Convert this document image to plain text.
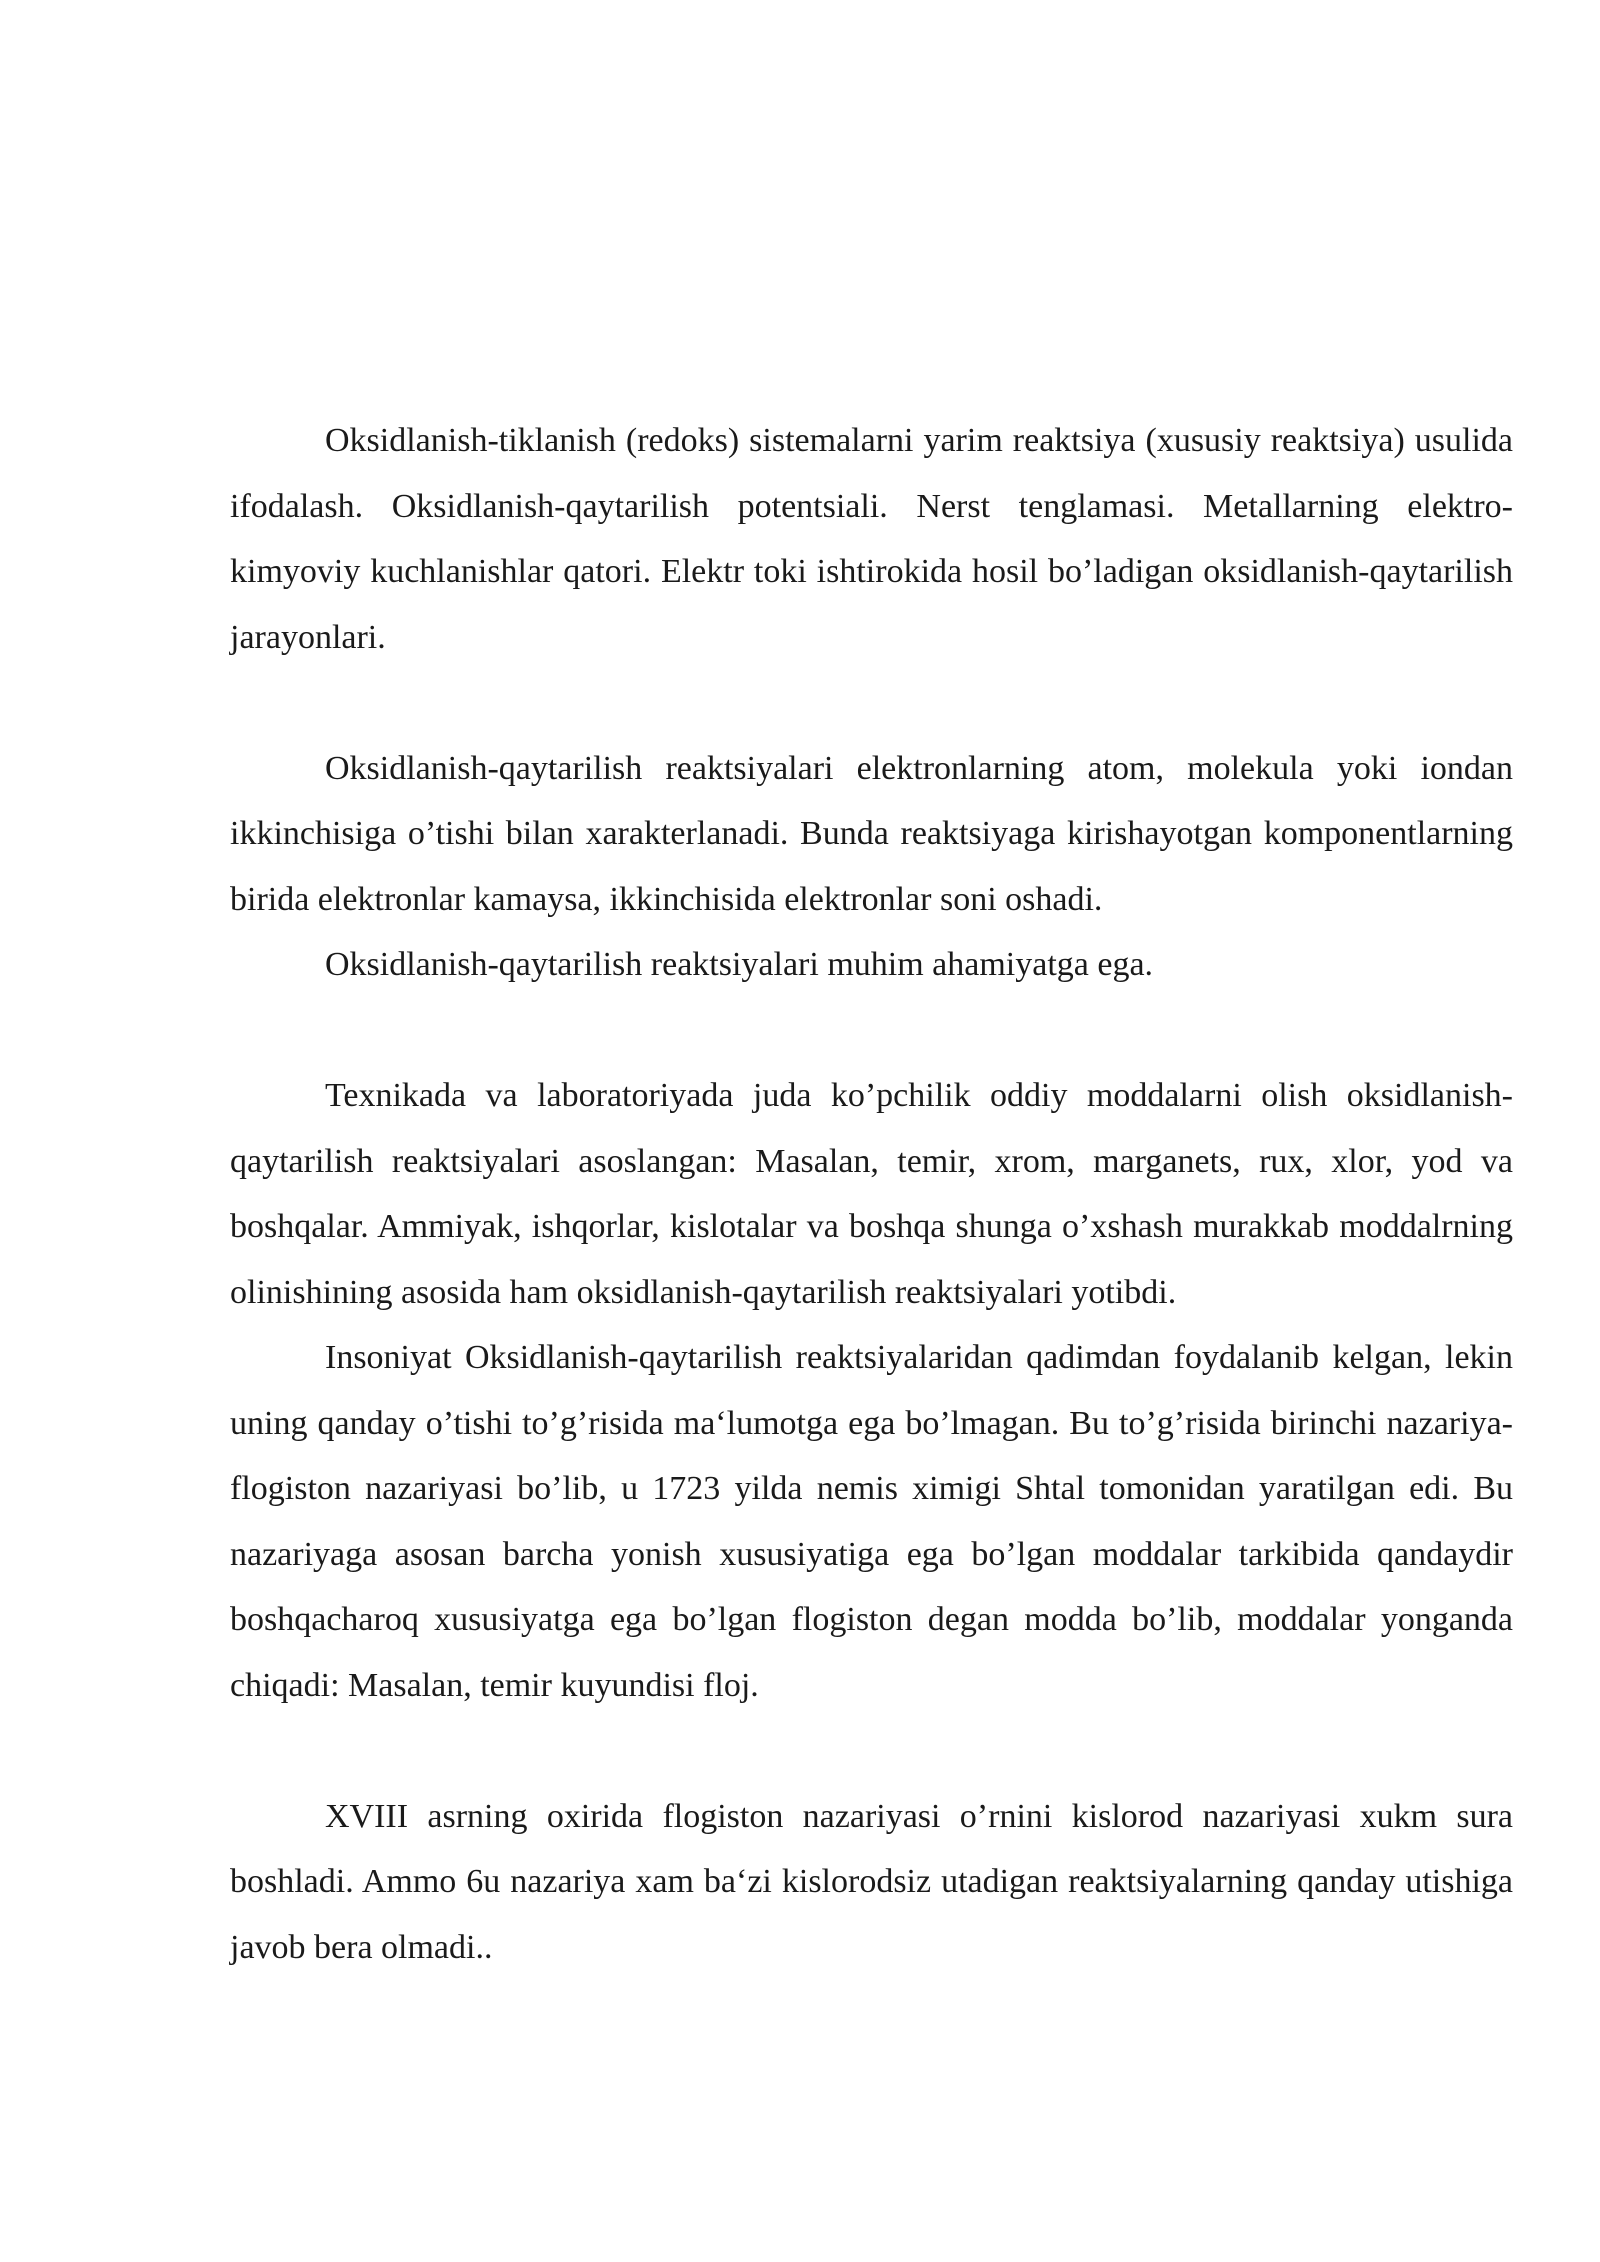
Oksidlanish-tiklanish (redoks) sistemalarni yarim reaktsiya (xususiy reaktsiya) usulida ifodalash. Oksidlanish-qaytarilish potentsiali. Nerst tenglamasi. Metallarning elektro-kimyoviy kuchlanishlar qatori. Elektr toki ishtirokida hosil bo’ladigan oksidlanish-qaytarilish jarayonlari.

Oksidlanish-qaytarilish reaktsiyalari elektronlarning atom, molekula yoki iondan ikkinchisiga o’tishi bilan xarakterlanadi. Bunda reaktsiyaga kirishayotgan komponentlarning birida elektronlar kamaysa, ikkinchisida elektronlar soni oshadi.

Oksidlanish-qaytarilish reaktsiyalari muhim ahamiyatga ega.

Texnikada va laboratoriyada juda ko’pchilik oddiy moddalarni olish oksidlanish-qaytarilish reaktsiyalari asoslangan: Masalan, temir, xrom, marganets, rux, xlor, yod va boshqalar. Ammiyak, ishqorlar, kislotalar va boshqa shunga o’xshash murakkab moddalrning olinishining asosida ham oksidlanish-qaytarilish reaktsiyalari yotibdi.

Insoniyat Oksidlanish-qaytarilish reaktsiyalaridan qadimdan foydalanib kelgan, lekin uning qanday o’tishi to’g’risida ma‘lumotga ega bo’lmagan. Bu to’g’risida birinchi nazariya-flogiston nazariyasi bo’lib, u 1723 yilda nemis ximigi Shtal tomonidan yaratilgan edi. Bu nazariyaga asosan barcha yonish xususiyatiga ega bo’lgan moddalar tarkibida qandaydir boshqacharoq xususiyatga ega bo’lgan flogiston degan modda bo’lib, moddalar yonganda chiqadi: Masalan, temir kuyundisi floj.

XVIII asrning oxirida flogiston nazariyasi o’rnini kislorod nazariyasi xukm sura boshladi. Ammo 6u nazariya xam ba‘zi kislorodsiz utadigan reaktsiyalarning qanday utishiga javob bera olmadi..
